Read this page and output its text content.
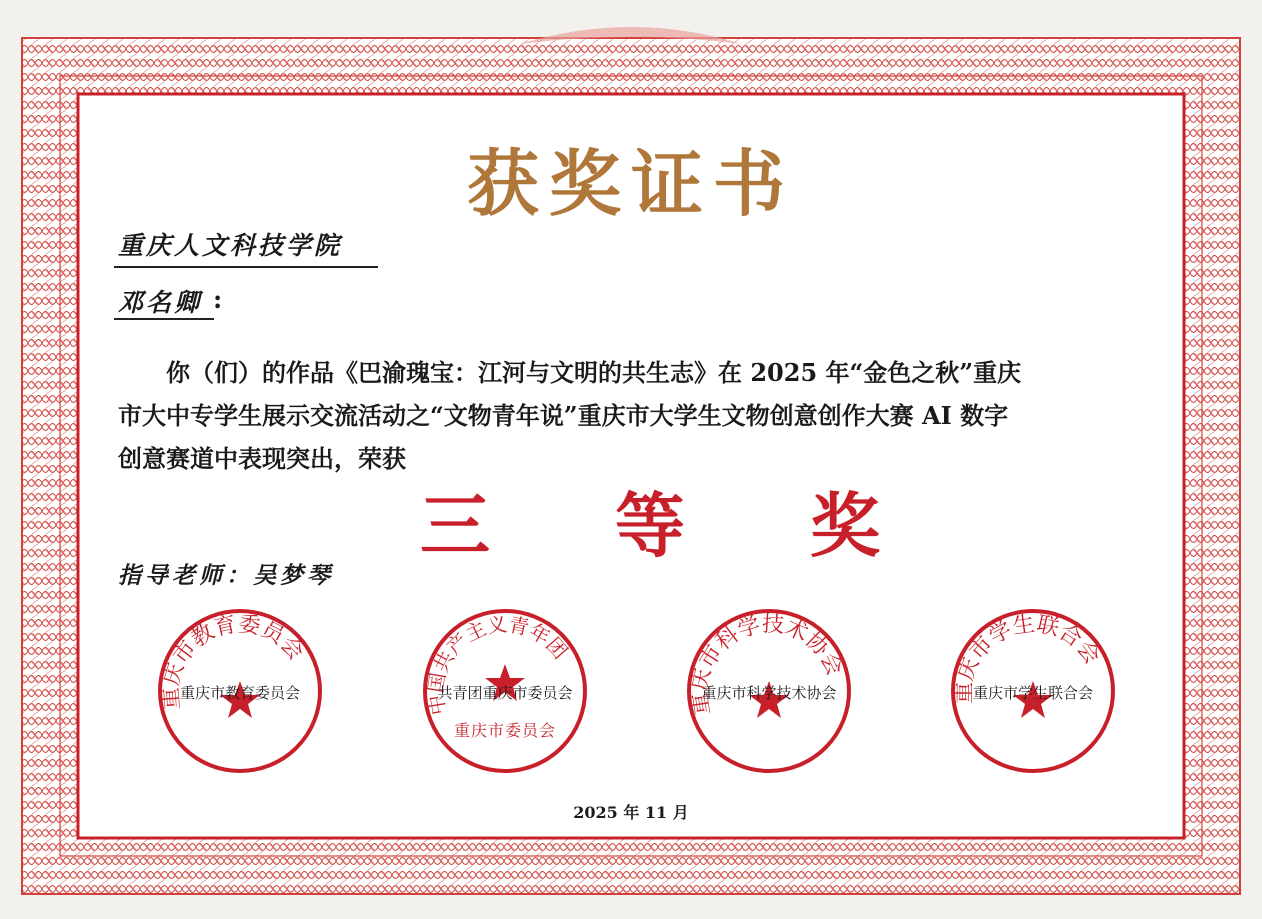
获奖证书
重庆人文科技学院
邓名卿 :
你（们）的作品《巴渝瑰宝：江河与文明的共生志》在 2025 年“金色之秋”重庆
市大中专学生展示交流活动之“文物青年说”重庆市大学生文物创意创作大赛 AI 数字
创意赛道中表现突出，荣获
三 等 奖
指导老师：吴梦琴
重庆市教育委员会
重庆市教育委员会
中国共产主义青年团
共青团重庆市委员会
重庆市委员会
重庆市科学技术协会
重庆市科学技术协会	重庆市学生联合会
重庆市学生联合会
2025 年 11 月
